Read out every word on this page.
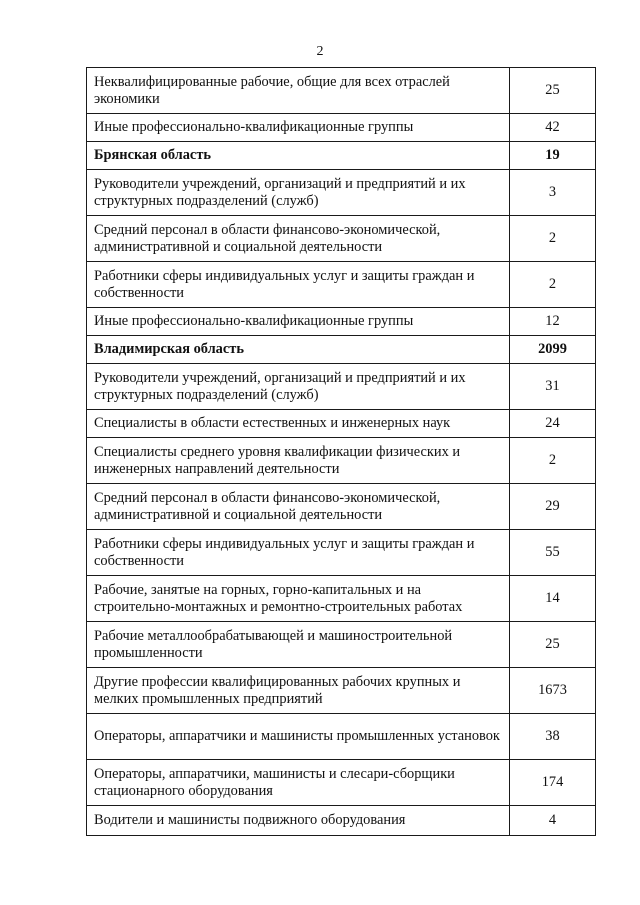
2
Неквалифицированные рабочие, общие для всех отраслей экономики	25
Иные профессионально-квалификационные группы	42
Брянская область	19
Руководители учреждений, организаций и предприятий и их структурных подразделений (служб)	3
Средний персонал в области финансово-экономической, административной и социальной деятельности	2
Работники сферы индивидуальных услуг и защиты граждан и собственности	2
Иные профессионально-квалификационные группы	12
Владимирская область	2099
Руководители учреждений, организаций и предприятий и их структурных подразделений (служб)	31
Специалисты в области естественных и инженерных наук	24
Специалисты среднего уровня квалификации физических и инженерных направлений деятельности	2
Средний персонал в области финансово-экономической, административной и социальной деятельности	29
Работники сферы индивидуальных услуг и защиты граждан и собственности	55
Рабочие, занятые на горных, горно-капитальных и на строительно-монтажных и ремонтно-строительных работах	14
Рабочие металлообрабатывающей и машиностроительной промышленности	25
Другие профессии квалифицированных рабочих крупных и мелких промышленных предприятий	1673
Операторы, аппаратчики и машинисты промышленных установок	38
Операторы, аппаратчики, машинисты и слесари-сборщики стационарного оборудования	174
Водители и машинисты подвижного оборудования	4
